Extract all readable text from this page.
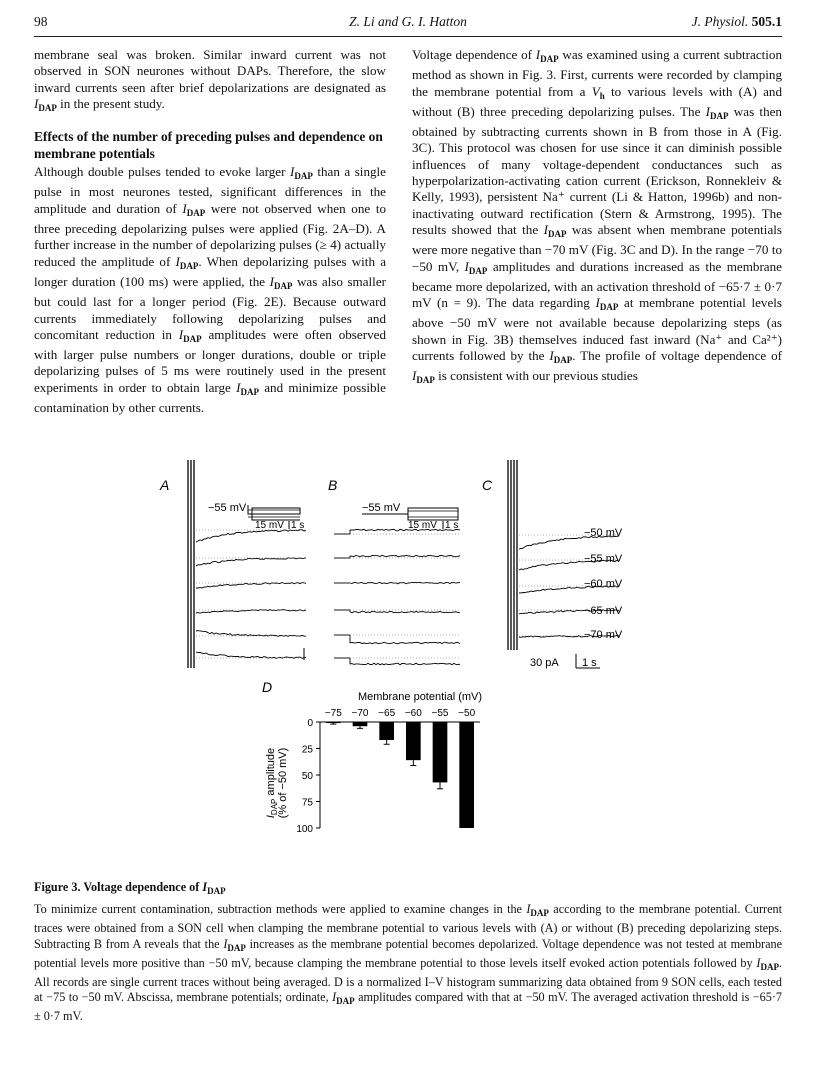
98	Z. Li and G. I. Hatton	J. Physiol. 505.1

membrane seal was broken. Similar inward current was not observed in SON neurones without DAPs. Therefore, the slow inward currents seen after brief depolarizations are designated as $I_{DAP}$ in the present study.

Effects of the number of preceding pulses and dependence on membrane potentials

Although double pulses tended to evoke larger $I_{DAP}$ than a single pulse in most neurones tested, significant differences in the amplitude and duration of $I_{DAP}$ were not observed when one to three preceding depolarizing pulses were applied (Fig. 2A–D). A further increase in the number of depolarizing pulses (≥ 4) actually reduced the amplitude of $I_{DAP}$. When depolarizing pulses with a longer duration (100 ms) were applied, the $I_{DAP}$ was also smaller but could last for a longer period (Fig. 2E). Because outward currents immediately following depolarizing pulses and concomitant reduction in $I_{DAP}$ amplitudes were often observed with larger pulse numbers or longer durations, double or triple depolarizing pulses of 5 ms were routinely used in the present experiments in order to obtain large $I_{DAP}$ and minimize possible contamination by other currents.

Voltage dependence of $I_{DAP}$ was examined using a current subtraction method as shown in Fig. 3. First, currents were recorded by clamping the membrane potential from a $V_h$ to various levels with (A) and without (B) three preceding depolarizing pulses. The $I_{DAP}$ was then obtained by subtracting currents shown in B from those in A (Fig. 3C). This protocol was chosen for use since it can diminish possible influences of many voltage-dependent conductances such as hyperpolarization-activating cation current (Erickson, Ronnekleiv & Kelly, 1993), persistent Na⁺ current (Li & Hatton, 1996b) and non-inactivating outward rectification (Stern & Armstrong, 1995). The results showed that the $I_{DAP}$ was absent when membrane potentials were more negative than −70 mV (Fig. 3C and D). In the range −70 to −50 mV, $I_{DAP}$ amplitudes and durations increased as the membrane became more depolarized, with an activation threshold of −65·7 ± 0·7 mV (n = 9). The data regarding $I_{DAP}$ at membrane potential levels above −50 mV were not available because depolarizing steps (as shown in Fig. 3B) themselves induced fast inward (Na⁺ and Ca²⁺) currents followed by the $I_{DAP}$. The profile of voltage dependence of $I_{DAP}$ is consistent with our previous studies

A	B	C
D
−55 mV
15 mV 1 s
−55 mV
15 mV 1 s
−50 mV
−55 mV
−60 mV
−65 mV
−70 mV
30 pA 1 s
Membrane potential (mV)
0
25
50
75
100
−75 −70 −65 −60 −55 −50
$I_{DAP}$ amplitude (% of −50 mV)
Figure 3. Voltage dependence of $I_{DAP}$
To minimize current contamination, subtraction methods were applied to examine changes in the $I_{DAP}$ according to the membrane potential. Current traces were obtained from a SON cell when clamping the membrane potential to various levels with (A) or without (B) preceding depolarizing steps. Subtracting B from A reveals that the $I_{DAP}$ increases as the membrane potential becomes depolarized. Voltage dependence was not tested at membrane potential levels more positive than −50 mV, because clamping the membrane potential to those levels itself evoked action potentials followed by $I_{DAP}$. All records are single current traces without being averaged. D is a normalized I–V histogram summarizing data obtained from 9 SON cells, each tested at −75 to −50 mV. Abscissa, membrane potentials; ordinate, $I_{DAP}$ amplitudes compared with that at −50 mV. The averaged activation threshold is −65·7 ± 0·7 mV.
